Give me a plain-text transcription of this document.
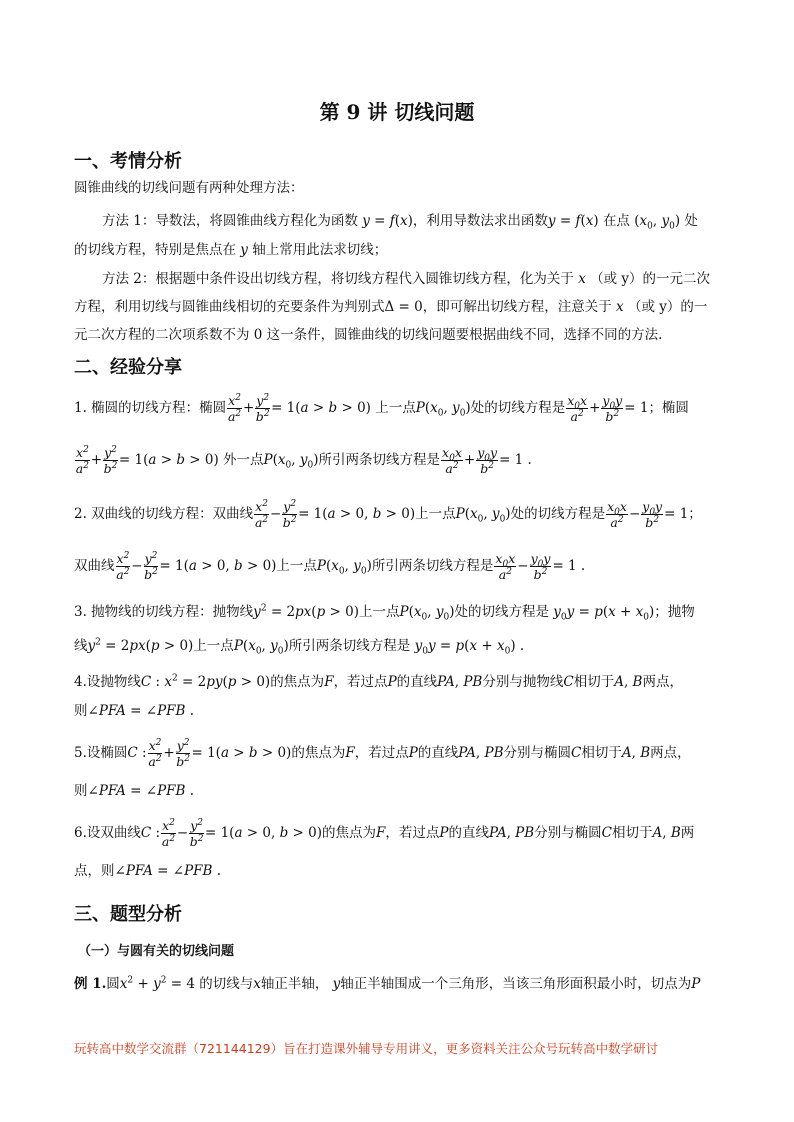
第 9 讲 切线问题
一、考情分析
圆锥曲线的切线问题有两种处理方法：
方法 1：导数法，将圆锥曲线方程化为函数 y = f(x)，利用导数法求出函数y = f(x) 在点 ($x_0$, $y_0$) 处
的切线方程，特别是焦点在 y 轴上常用此法求切线；
方法 2：根据题中条件设出切线方程，将切线方程代入圆锥切线方程，化为关于 x （或 y）的一元二次
方程，利用切线与圆锥曲线相切的充要条件为判别式Δ = 0，即可解出切线方程，注意关于 x （或 y）的一
元二次方程的二次项系数不为 0 这一条件，圆锥曲线的切线问题要根据曲线不同，选择不同的方法.
二、经验分享
1. 椭圆的切线方程：椭圆 $\frac{x^2}{a^2} + \frac{y^2}{b^2} = 1(a > b > 0)$ 上一点$P(x_0$, $y_0$)处的切线方程是 $\frac{x_0x}{a^2} + \frac{y_0y}{b^2} = 1$；椭圆
$\frac{x^2}{a^2} + \frac{y^2}{b^2} = 1(a > b > 0)$ 外一点$P(x_0$, $y_0$)所引两条切线方程是 $\frac{x_0x}{a^2} + \frac{y_0y}{b^2} = 1$ .
2. 双曲线的切线方程：双曲线 $\frac{x^2}{a^2} - \frac{y^2}{b^2} = 1(a > 0$, b > 0)上一点$P(x_0$, $y_0$)处的切线方程是 $\frac{x_0x}{a^2} - \frac{y_0y}{b^2} = 1$；
双曲线 $\frac{x^2}{a^2} - \frac{y^2}{b^2} = 1(a > 0$, b > 0)上一点$P(x_0$, $y_0$)所引两条切线方程是 $\frac{x_0x}{a^2} - \frac{y_0y}{b^2} = 1$ .
3. 抛物线的切线方程：抛物线$y^2 = 2px(p > 0)$上一点$P(x_0$, $y_0$)处的切线方程是 $y_0y = p(x + x_0)$；抛物
线$y^2 = 2px(p > 0)$上一点$P(x_0$, $y_0$)所引两条切线方程是 $y_0y = p(x + x_0)$ .
4.设抛物线C : $x^2 = 2py(p > 0)$的焦点为F，若过点P的直线PA, PB分别与抛物线C相切于A, B两点，
则∠PFA = ∠PFB .
5.设椭圆C : $\frac{x^2}{a^2} + \frac{y^2}{b^2} = 1(a > b > 0)$的焦点为F，若过点P的直线PA, PB分别与椭圆C相切于A, B两点，
则∠PFA = ∠PFB .
6.设双曲线C : $\frac{x^2}{a^2} - \frac{y^2}{b^2} = 1(a > 0$, b > 0)的焦点为F，若过点P的直线PA, PB分别与椭圆C相切于A, B两
点，则∠PFA = ∠PFB .
三、题型分析
（一）与圆有关的切线问题
例 1.圆$x^2 + y^2 = 4$ 的切线与x轴正半轴， y轴正半轴围成一个三角形，当该三角形面积最小时，切点为P
玩转高中数学交流群（721144129）旨在打造课外辅导专用讲义，更多资料关注公众号玩转高中数学研讨
